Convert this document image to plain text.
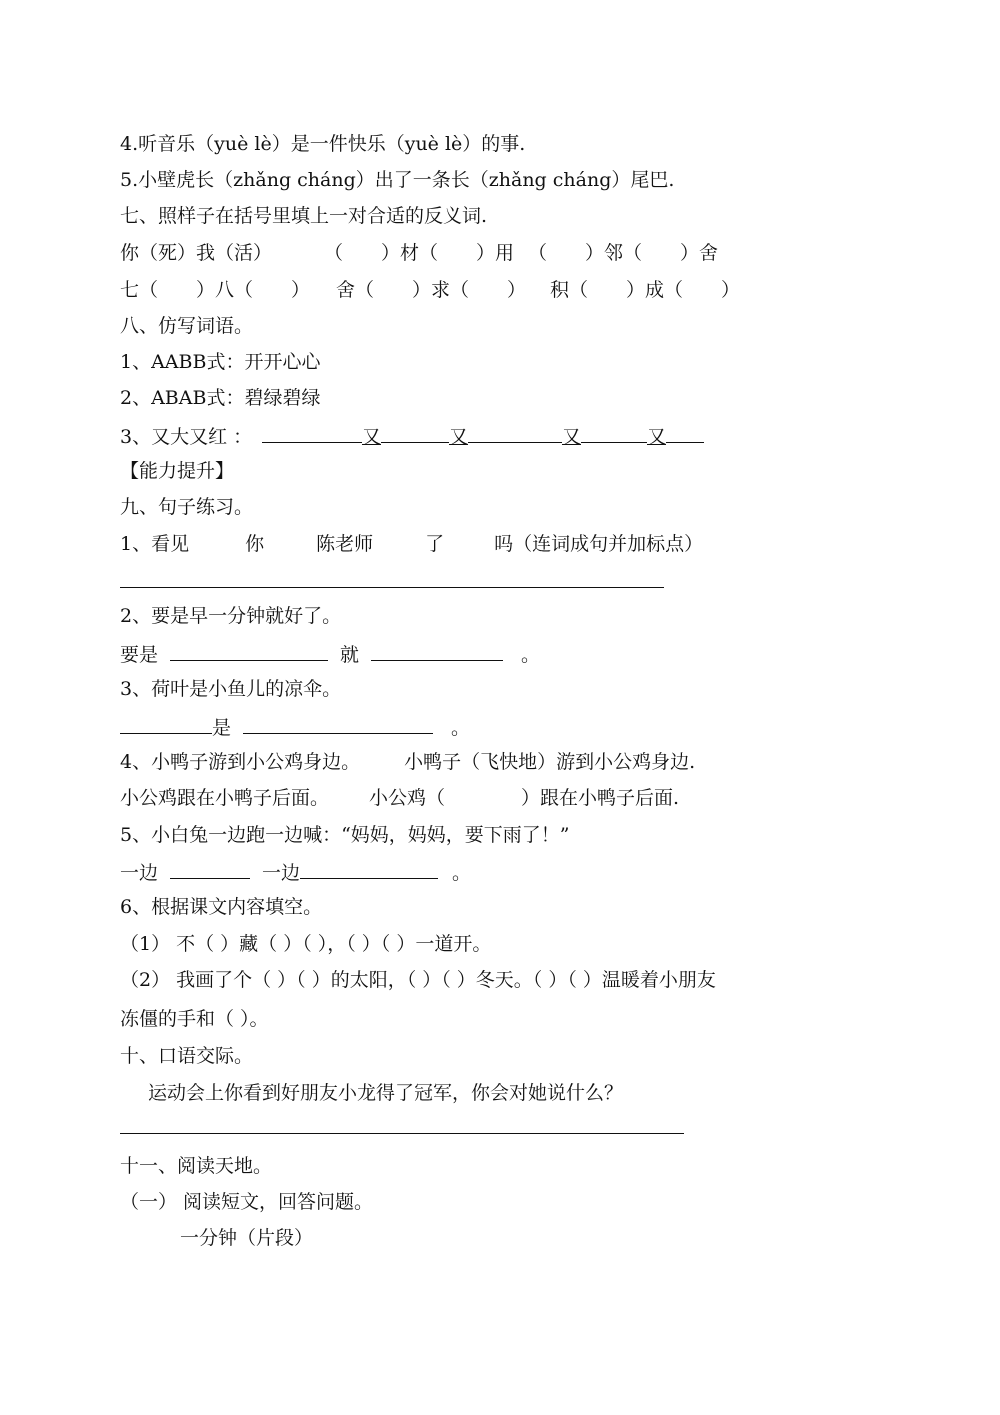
4.听音乐（yuè lè）是一件快乐（yuè lè）的事.
5.小壁虎长（zhǎng cháng）出了一条长（zhǎng cháng）尾巴.
七、照样子在括号里填上一对合适的反义词.
你（死）我（活）	（　　）材（　　）用 （　　）邻（　　）舍
七（　　）八（　　） 舍（　　）求（　　） 积（　　）成（　　）
八、仿写词语。
1、AABB式：开开心心
2、ABAB式：碧绿碧绿
3、又大又红 ：	又	又	又	又
【能力提升】
九、句子练习。
1、看见	你	陈老师	了	吗（连词成句并加标点）
2、要是早一分钟就好了。
要是	就	。
3、荷叶是小鱼儿的凉伞。
是	。
4、小鸭子游到小公鸡身边。 小鸭子（飞快地）游到小公鸡身边.
小公鸡跟在小鸭子后面。 小公鸡（　　　　）跟在小鸭子后面.
5、小白兔一边跑一边喊：“妈妈，妈妈，要下雨了！”
一边	一边	。
6、根据课文内容填空。
（1） 不（ ）藏（ ）（ ），（ ）（ ）一道开。
（2） 我画了个（ ）（ ）的太阳，（ ）（ ）冬天。（ ）（ ）温暖着小朋友
冻僵的手和（ ）。
十、口语交际。
运动会上你看到好朋友小龙得了冠军，你会对她说什么？
十一、阅读天地。
（一） 阅读短文，回答问题。
一分钟（片段）
